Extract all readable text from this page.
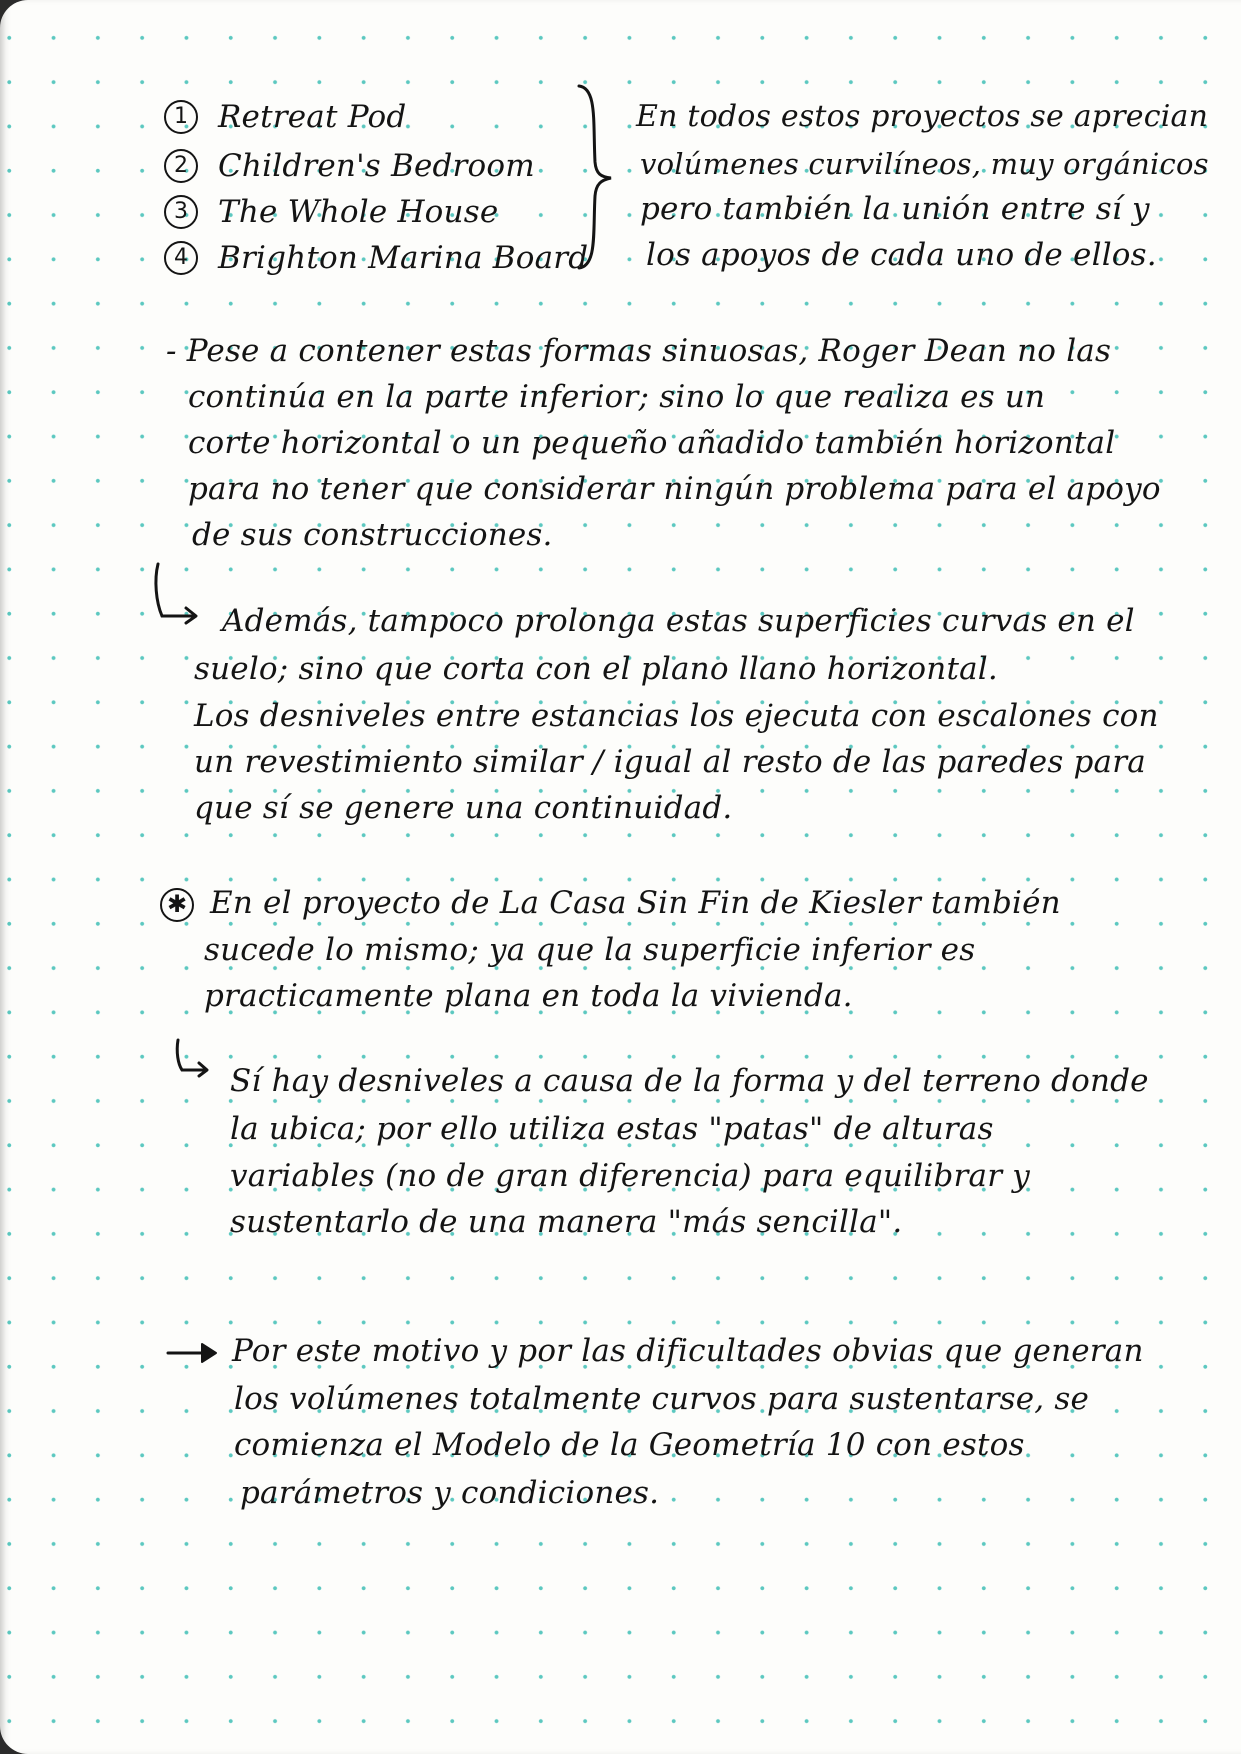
1 Retreat Pod
2 Children's Bedroom
3 The Whole House
4 Brighton Marina Board
En todos estos proyectos se aprecian
volúmenes curvilíneos, muy orgánicos
pero también la unión entre sí y
los apoyos de cada uno de ellos.
- Pese a contener estas formas sinuosas, Roger Dean no las
continúa en la parte inferior; sino lo que realiza es un
corte horizontal o un pequeño añadido también horizontal
para no tener que considerar ningún problema para el apoyo
de sus construcciones.
Además, tampoco prolonga estas superficies curvas en el
suelo; sino que corta con el plano llano horizontal.
Los desniveles entre estancias los ejecuta con escalones con
un revestimiento similar / igual al resto de las paredes para
que sí se genere una continuidad.
✱ En el proyecto de La Casa Sin Fin de Kiesler también
sucede lo mismo; ya que la superficie inferior es
practicamente plana en toda la vivienda.
Sí hay desniveles a causa de la forma y del terreno donde
la ubica; por ello utiliza estas "patas" de alturas
variables (no de gran diferencia) para equilibrar y
sustentarlo de una manera "más sencilla".
Por este motivo y por las dificultades obvias que generan
los volúmenes totalmente curvos para sustentarse, se
comienza el Modelo de la Geometría 10 con estos
parámetros y condiciones.
